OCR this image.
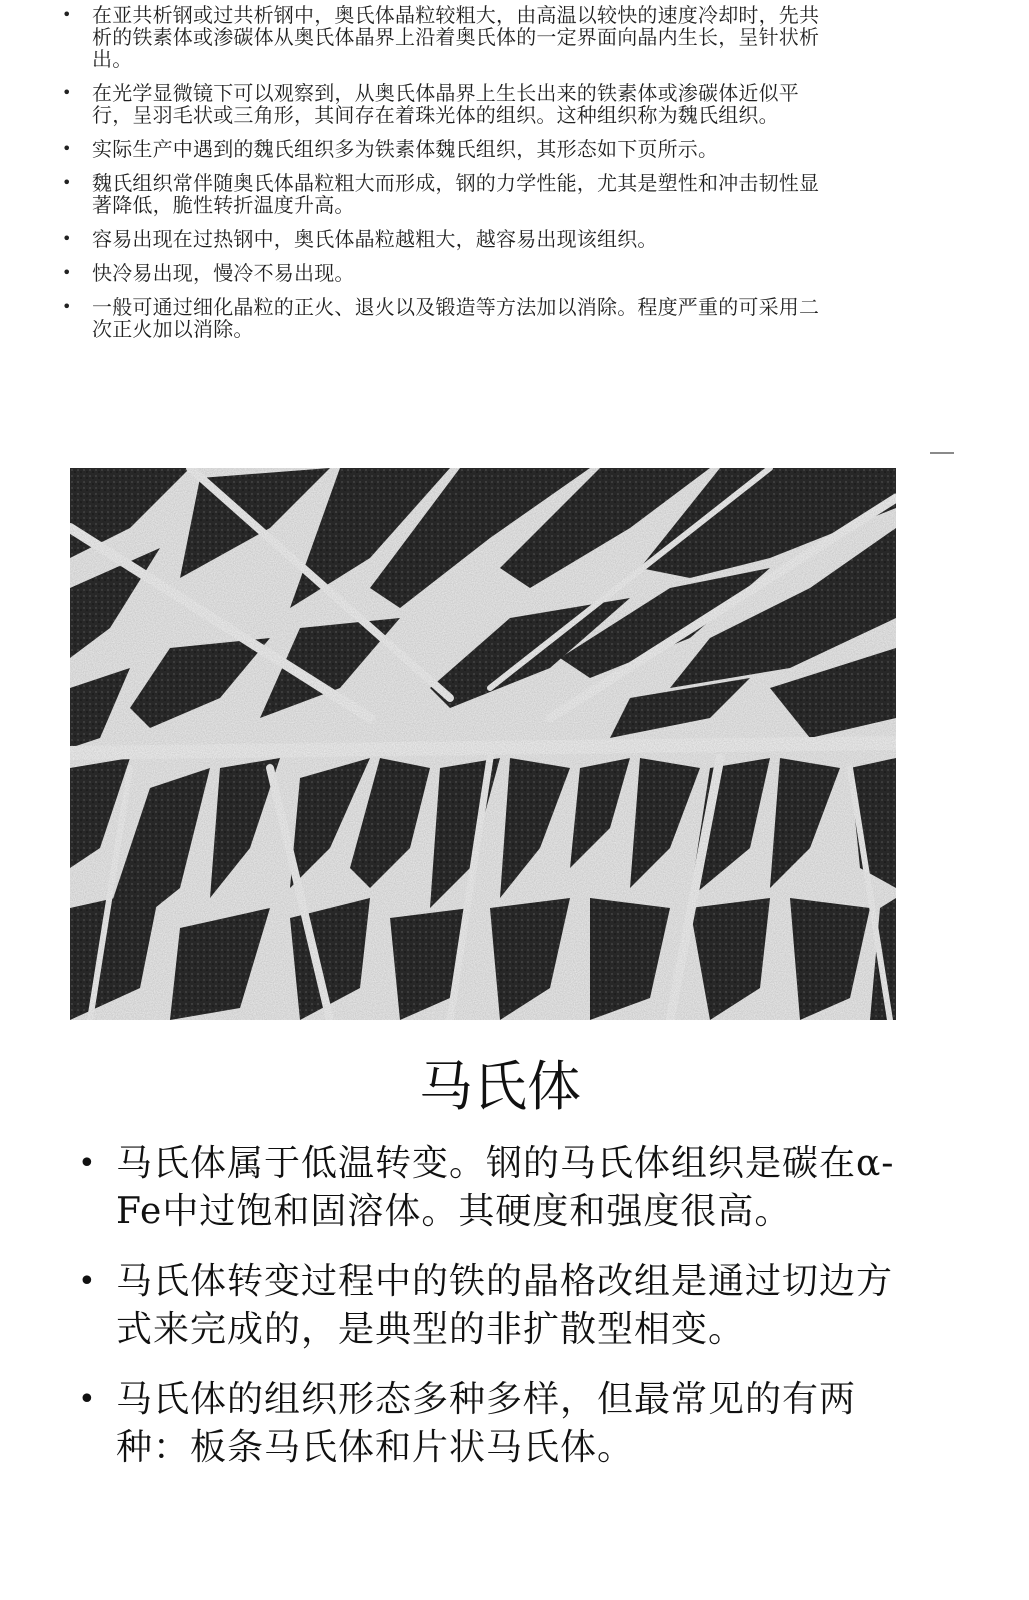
• 在亚共析钢或过共析钢中，奥氏体晶粒较粗大，由高温以较快的速度冷却时，先共析的铁素体或渗碳体从奥氏体晶界上沿着奥氏体的一定界面向晶内生长，呈针状析出。
• 在光学显微镜下可以观察到，从奥氏体晶界上生长出来的铁素体或渗碳体近似平行，呈羽毛状或三角形，其间存在着珠光体的组织。这种组织称为魏氏组织。
• 实际生产中遇到的魏氏组织多为铁素体魏氏组织，其形态如下页所示。
• 魏氏组织常伴随奥氏体晶粒粗大而形成，钢的力学性能，尤其是塑性和冲击韧性显著降低，脆性转折温度升高。
• 容易出现在过热钢中，奥氏体晶粒越粗大，越容易出现该组织。
• 快冷易出现，慢冷不易出现。
• 一般可通过细化晶粒的正火、退火以及锻造等方法加以消除。程度严重的可采用二次正火加以消除。
马氏体
• 马氏体属于低温转变。钢的马氏体组织是碳在α-Fe中过饱和固溶体。其硬度和强度很高。
• 马氏体转变过程中的铁的晶格改组是通过切边方式来完成的，是典型的非扩散型相变。
• 马氏体的组织形态多种多样，但最常见的有两种：板条马氏体和片状马氏体。
